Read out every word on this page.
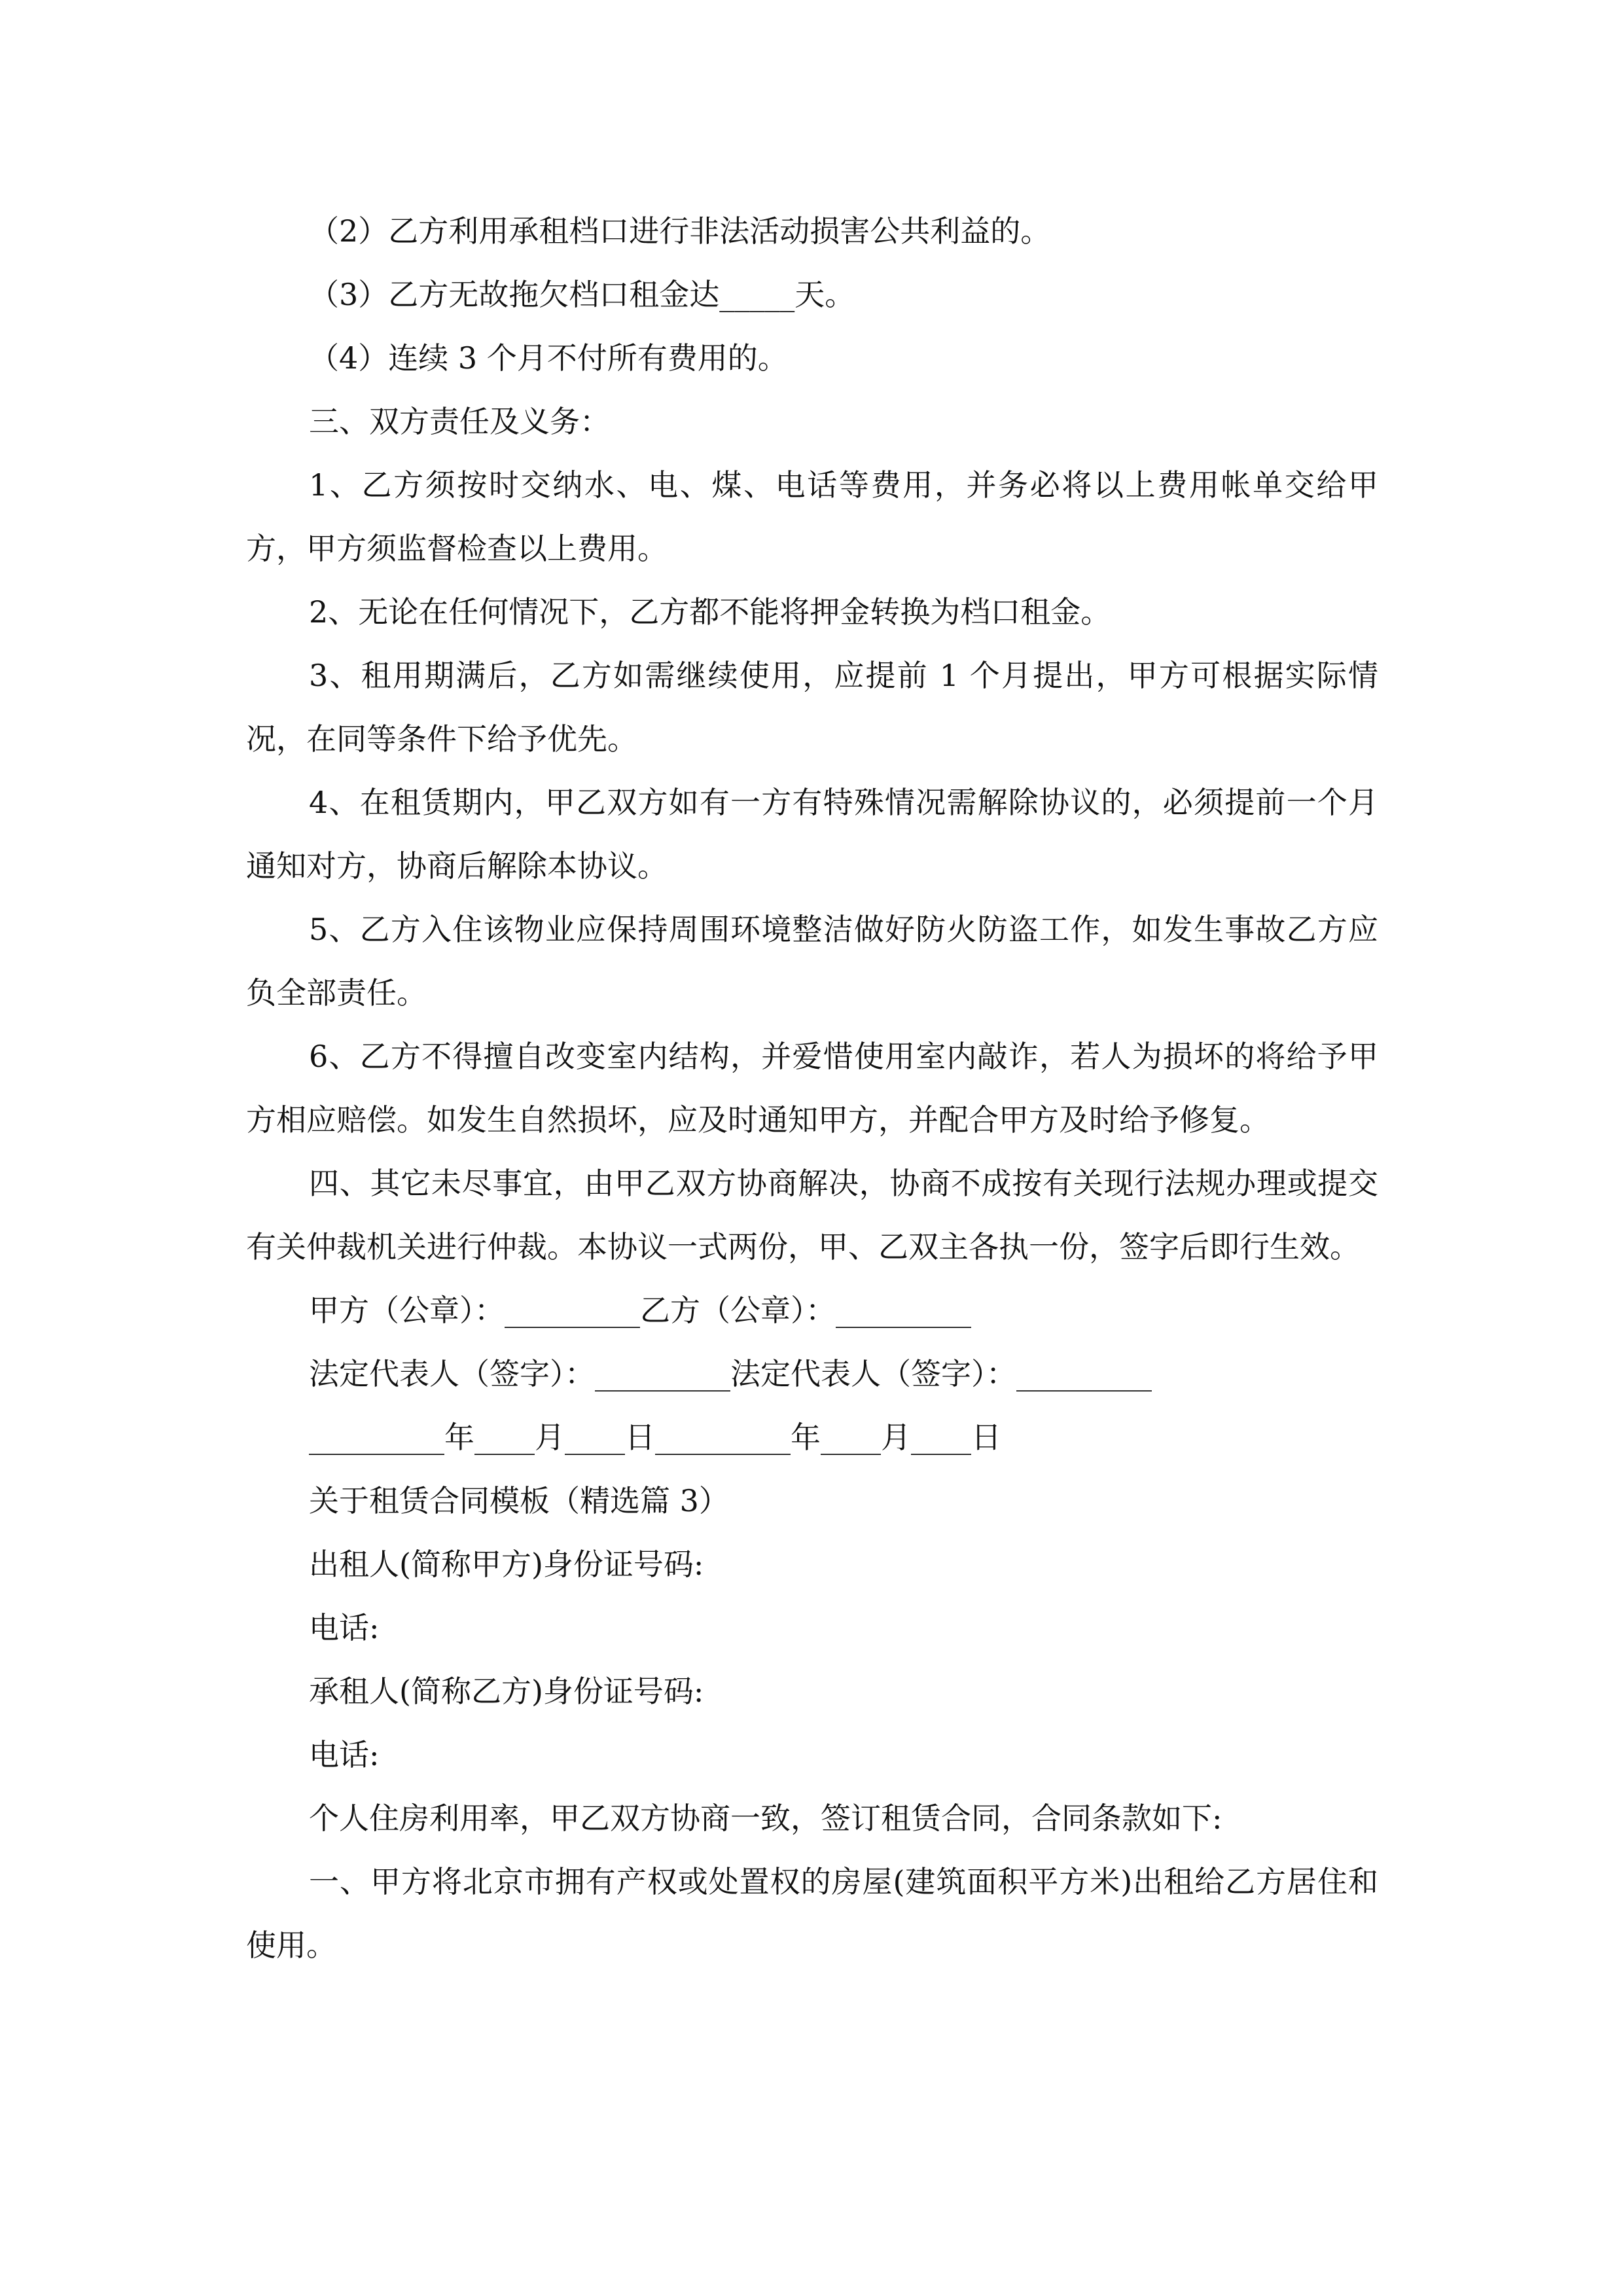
（2）乙方利用承租档口进行非法活动损害公共利益的。

（3）乙方无故拖欠档口租金达_____天。

（4）连续 3 个月不付所有费用的。

三、双方责任及义务：

1、乙方须按时交纳水、电、煤、电话等费用，并务必将以上费用帐单交给甲方，甲方须监督检查以上费用。

2、无论在任何情况下，乙方都不能将押金转换为档口租金。

3、租用期满后，乙方如需继续使用，应提前 1 个月提出，甲方可根据实际情况，在同等条件下给予优先。

4、在租赁期内，甲乙双方如有一方有特殊情况需解除协议的，必须提前一个月通知对方，协商后解除本协议。

5、乙方入住该物业应保持周围环境整洁做好防火防盗工作，如发生事故乙方应负全部责任。

6、乙方不得擅自改变室内结构，并爱惜使用室内敲诈，若人为损坏的将给予甲方相应赔偿。如发生自然损坏，应及时通知甲方，并配合甲方及时给予修复。

四、其它未尽事宜，由甲乙双方协商解决，协商不成按有关现行法规办理或提交有关仲裁机关进行仲裁。本协议一式两份，甲、乙双主各执一份，签字后即行生效。

甲方（公章）：_________乙方（公章）：_________

法定代表人（签字）：_________法定代表人（签字）：_________

_________年____月____日_________年____月____日

关于租赁合同模板（精选篇 3）

出租人(简称甲方)身份证号码:

电话:

承租人(简称乙方)身份证号码:

电话:

个人住房利用率，甲乙双方协商一致，签订租赁合同，合同条款如下:

一、甲方将北京市拥有产权或处置权的房屋(建筑面积平方米)出租给乙方居住和使用。
